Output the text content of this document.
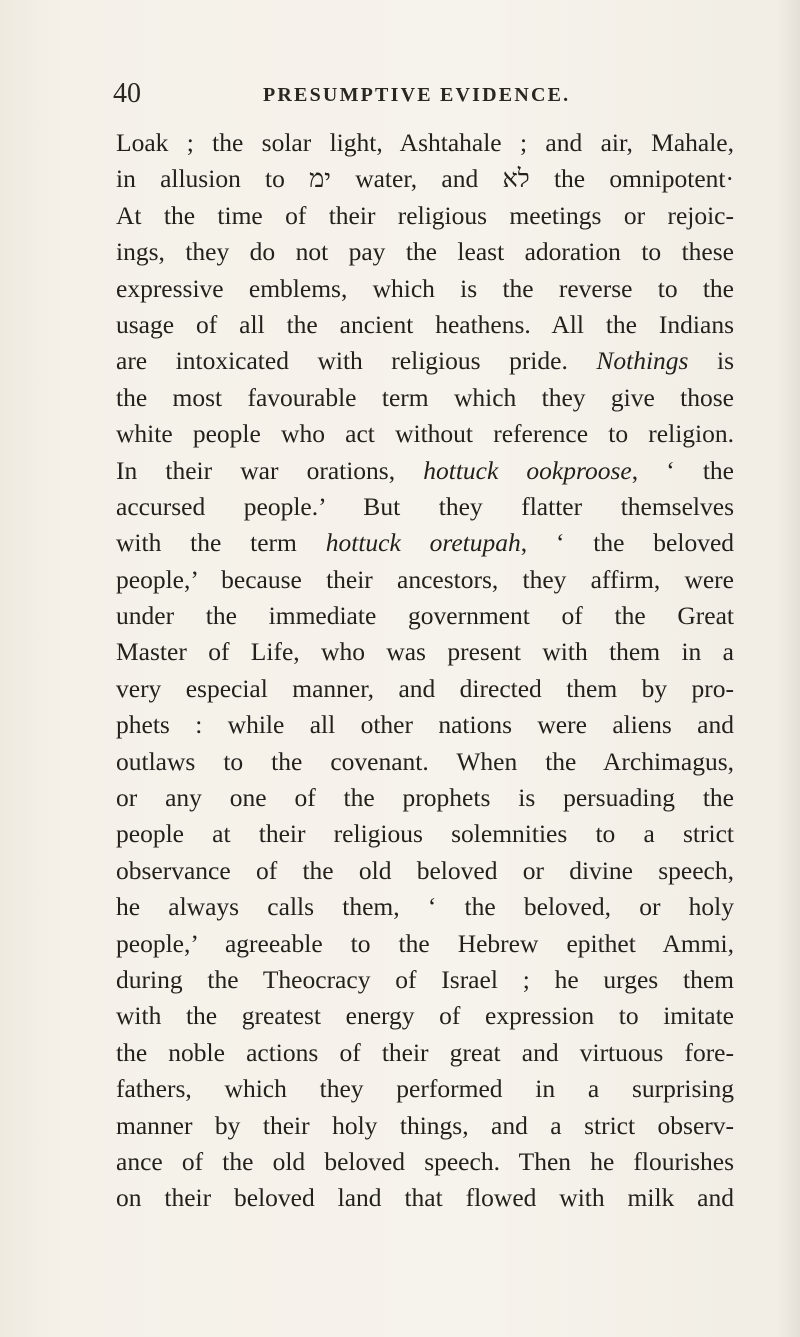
40	PRESUMPTIVE EVIDENCE.
Loak ; the solar light, Ashtahale ; and air, Mahale,
in allusion to ימ water, and לא the omnipotent·
At the time of their religious meetings or rejoic-
ings, they do not pay the least adoration to these
expressive emblems, which is the reverse to the
usage of all the ancient heathens. All the Indians
are intoxicated with religious pride. Nothings is
the most favourable term which they give those
white people who act without reference to religion.
In their war orations, hottuck ookproose, ‘ the
accursed people.’ But they flatter themselves
with the term hottuck oretupah, ‘ the beloved
people,’ because their ancestors, they affirm, were
under the immediate government of the Great
Master of Life, who was present with them in a
very especial manner, and directed them by pro-
phets : while all other nations were aliens and
outlaws to the covenant. When the Archimagus,
or any one of the prophets is persuading the
people at their religious solemnities to a strict
observance of the old beloved or divine speech,
he always calls them, ‘ the beloved, or holy
people,’ agreeable to the Hebrew epithet Ammi,
during the Theocracy of Israel ; he urges them
with the greatest energy of expression to imitate
the noble actions of their great and virtuous fore-
fathers, which they performed in a surprising
manner by their holy things, and a strict observ-
ance of the old beloved speech. Then he flourishes
on their beloved land that flowed with milk and
